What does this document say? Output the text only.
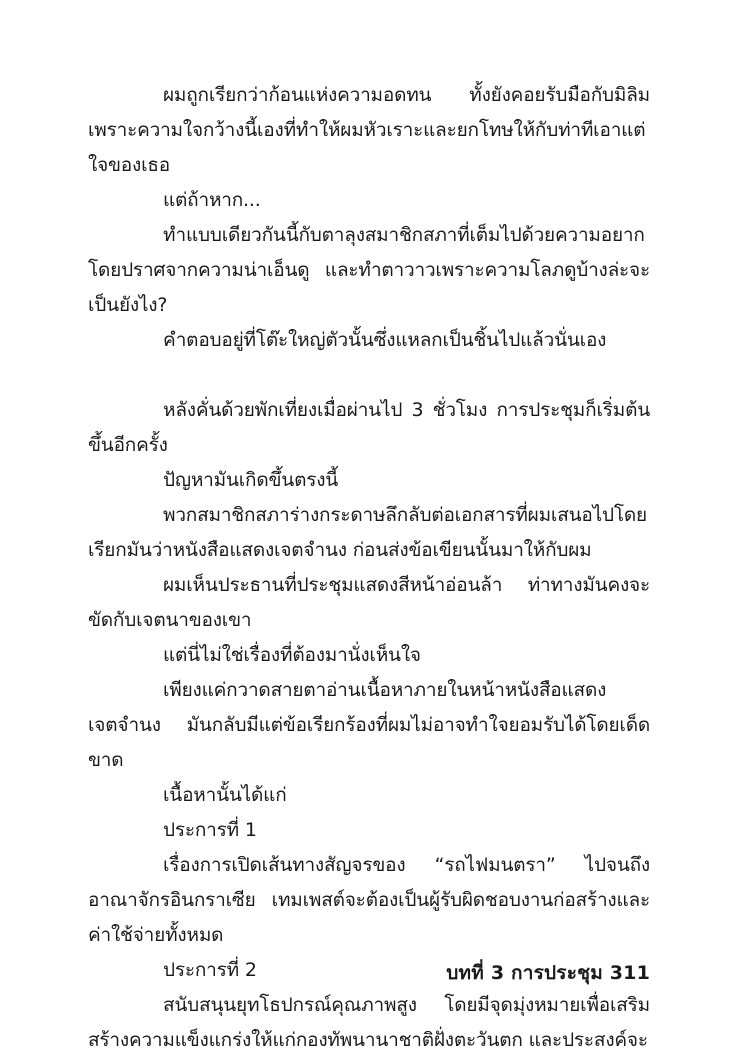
ผมถูกเรียกว่าก้อนแห่งความอดทน ทั้งยังคอยรับมือกับมิลิม เพราะความใจกว้างนี้เองที่ทำให้ผมหัวเราะและยกโทษให้กับท่าทีเอาแต่ใจของเธอ

แต่ถ้าหาก...

ทำแบบเดียวกันนี้กับตาลุงสมาชิกสภาที่เต็มไปด้วยความอยาก โดยปราศจากความน่าเอ็นดู และทำตาวาวเพราะความโลภดูบ้างล่ะจะเป็นยังไง?

คำตอบอยู่ที่โต๊ะใหญ่ตัวนั้นซึ่งแหลกเป็นชิ้นไปแล้วนั่นเอง

หลังคั่นด้วยพักเที่ยงเมื่อผ่านไป 3 ชั่วโมง การประชุมก็เริ่มต้นขึ้นอีกครั้ง

ปัญหามันเกิดขึ้นตรงนี้

พวกสมาชิกสภาร่างกระดาษลึกลับต่อเอกสารที่ผมเสนอไปโดยเรียกมันว่าหนังสือแสดงเจตจำนง ก่อนส่งข้อเขียนนั้นมาให้กับผม

ผมเห็นประธานที่ประชุมแสดงสีหน้าอ่อนล้า ท่าทางมันคงจะขัดกับเจตนาของเขา

แต่นี่ไม่ใช่เรื่องที่ต้องมานั่งเห็นใจ

เพียงแค่กวาดสายตาอ่านเนื้อหาภายในหน้าหนังสือแสดงเจตจำนง มันกลับมีแต่ข้อเรียกร้องที่ผมไม่อาจทำใจยอมรับได้โดยเด็ดขาด

เนื้อหานั้นได้แก่

ประการที่ 1

เรื่องการเปิดเส้นทางสัญจรของ “รถไฟมนตรา” ไปจนถึงอาณาจักรอินกราเซีย เทมเพสต์จะต้องเป็นผู้รับผิดชอบงานก่อสร้างและค่าใช้จ่ายทั้งหมด

ประการที่ 2

สนับสนุนยุทโธปกรณ์คุณภาพสูง โดยมีจุดมุ่งหมายเพื่อเสริมสร้างความแข็งแกร่งให้แก่กองทัพนานาชาติฝั่งตะวันตก และประสงค์จะ

บทที่ 3 การประชุม 311
